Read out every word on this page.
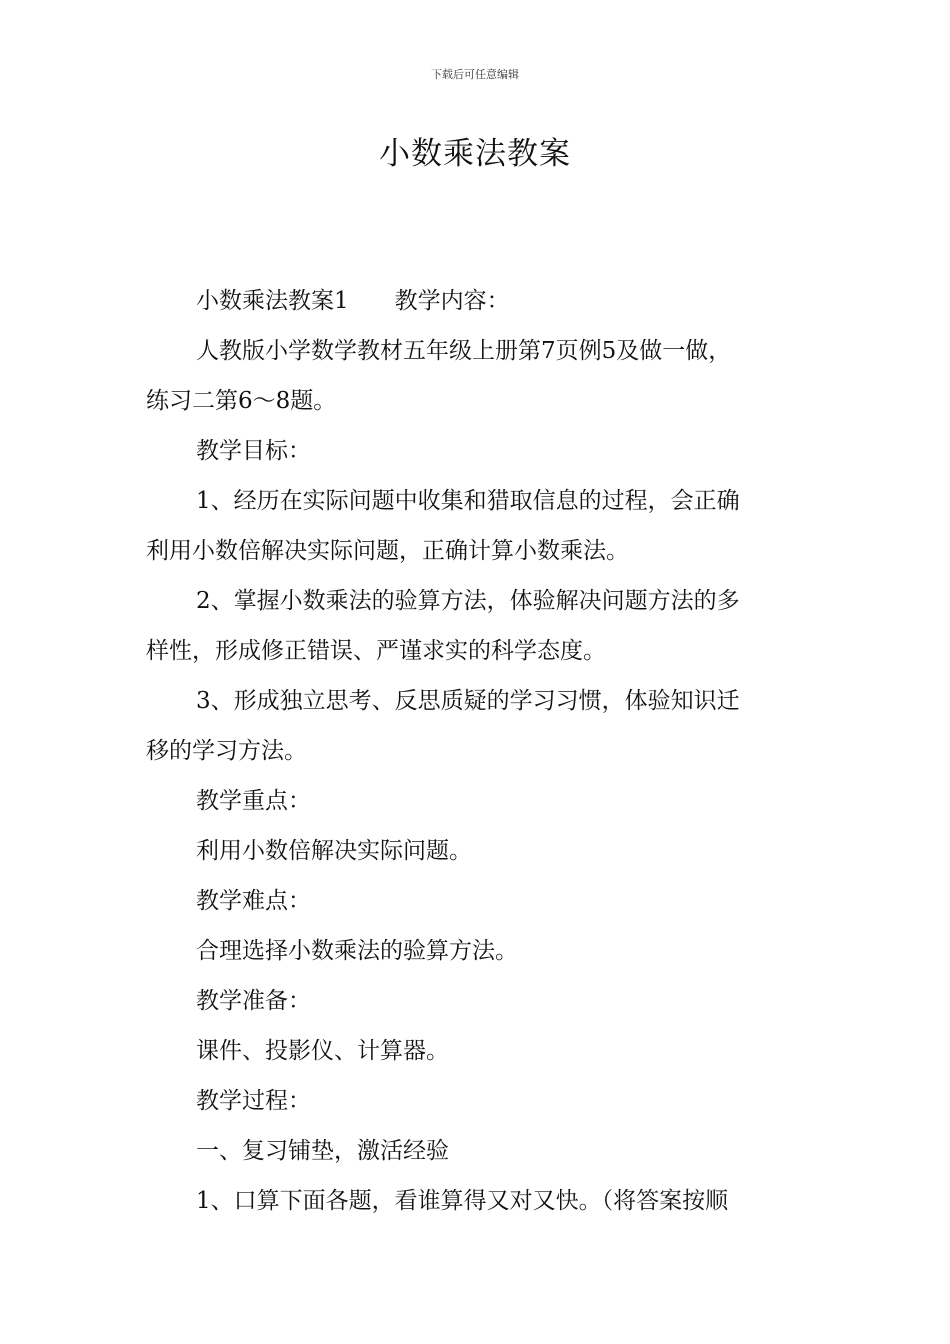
下载后可任意编辑
小数乘法教案

小数乘法教案1 教学内容：

人教版小学数学教材五年级上册第7页例5及做一做，

练习二第6～8题。

教学目标：

1、经历在实际问题中收集和猎取信息的过程，会正确

利用小数倍解决实际问题，正确计算小数乘法。

2、掌握小数乘法的验算方法，体验解决问题方法的多

样性，形成修正错误、严谨求实的科学态度。

3、形成独立思考、反思质疑的学习习惯，体验知识迁

移的学习方法。

教学重点：

利用小数倍解决实际问题。

教学难点：

合理选择小数乘法的验算方法。

教学准备：

课件、投影仪、计算器。

教学过程：

一、复习铺垫，激活经验

1、口算下面各题，看谁算得又对又快。（将答案按顺
